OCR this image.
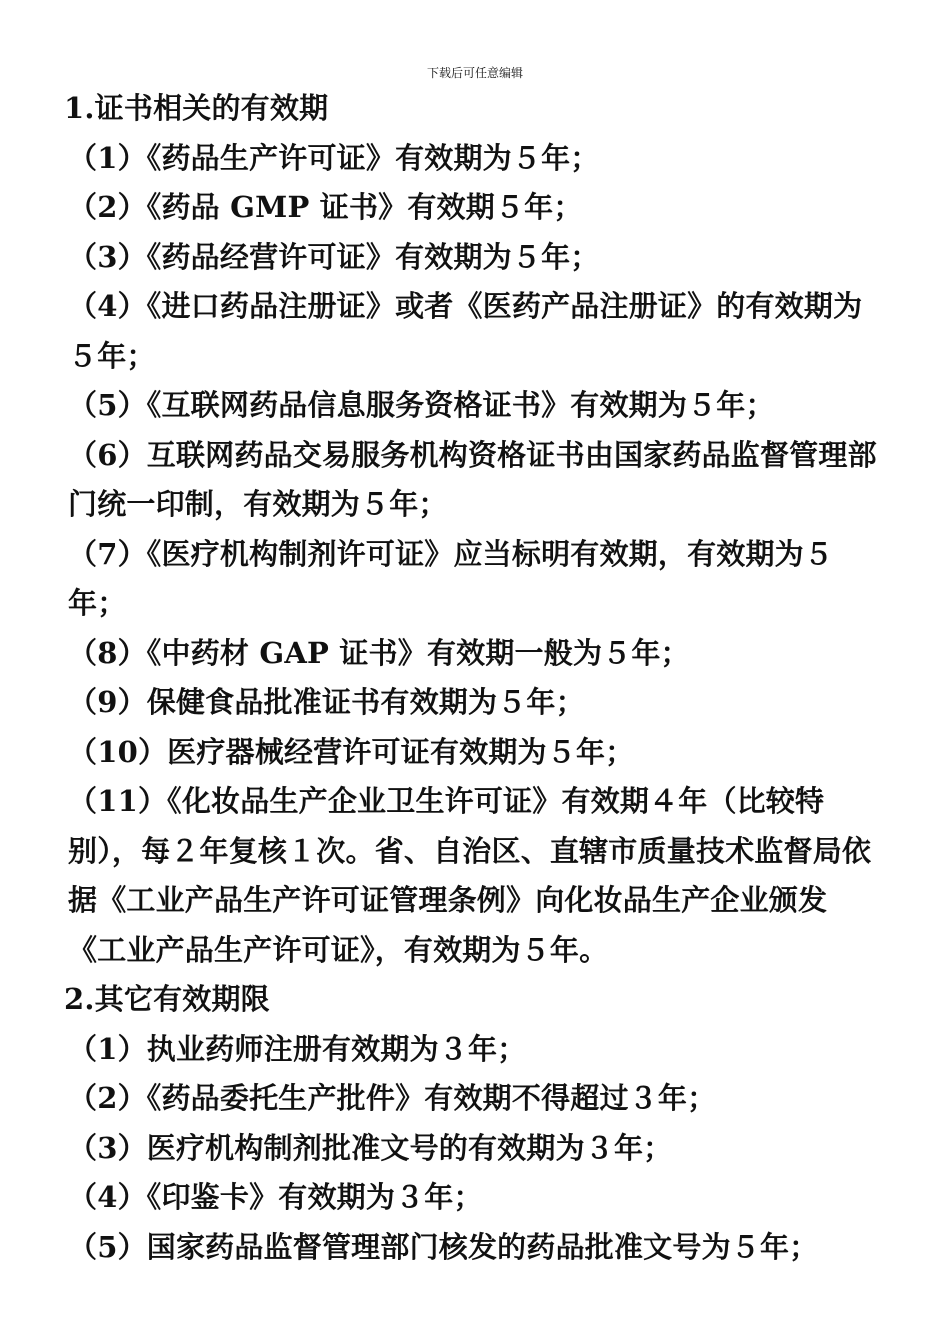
下载后可任意编辑
1.证书相关的有效期
（1）《药品生产许可证》有效期为５年；
（2）《药品 GMP 证书》有效期５年；
（3）《药品经营许可证》有效期为５年；
（4）《进口药品注册证》或者《医药产品注册证》的有效期为５年；
（5）《互联网药品信息服务资格证书》有效期为５年；
（6）互联网药品交易服务机构资格证书由国家药品监督管理部门统一印制，有效期为５年；
（7）《医疗机构制剂许可证》应当标明有效期，有效期为５年；
（8）《中药材 GAP 证书》有效期一般为５年；
（9）保健食品批准证书有效期为５年；
（10）医疗器械经营许可证有效期为５年；
（11）《化妆品生产企业卫生许可证》有效期４年（比较特别），每２年复核１次。省、自治区、直辖市质量技术监督局依据《工业产品生产许可证管理条例》向化妆品生产企业颁发《工业产品生产许可证》，有效期为５年。
2.其它有效期限
（1）执业药师注册有效期为３年；
（2）《药品委托生产批件》有效期不得超过３年；
（3）医疗机构制剂批准文号的有效期为３年；
（4）《印鉴卡》有效期为３年；
（5）国家药品监督管理部门核发的药品批准文号为５年；
